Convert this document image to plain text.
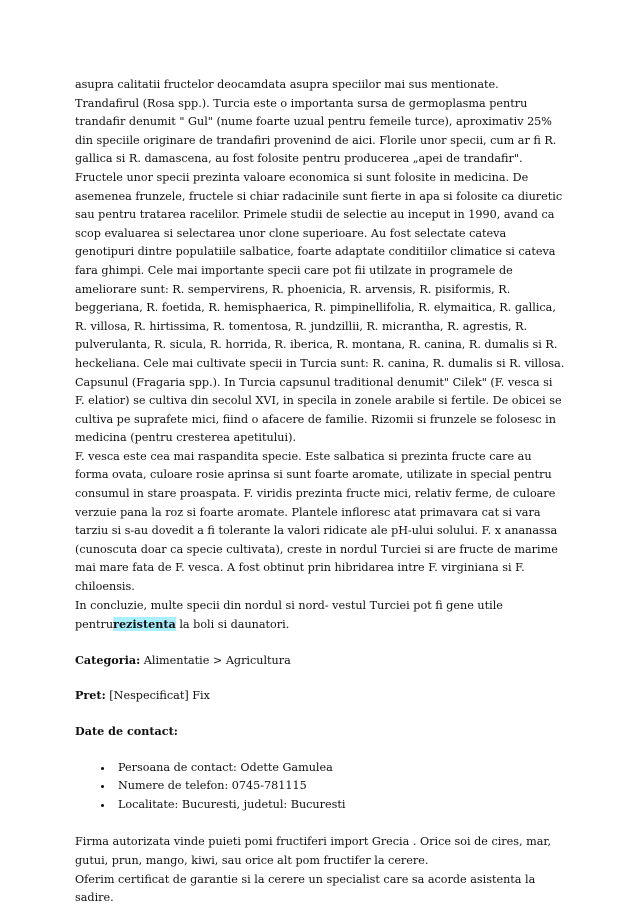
asupra calitatii fructelor deocamdata asupra speciilor mai sus mentionate.

Trandafirul (Rosa spp.). Turcia este o importanta sursa de germoplasma pentru trandafir denumit " Gul" (nume foarte uzual pentru femeile turce), aproximativ 25% din speciile originare de trandafiri provenind de aici. Florile unor specii, cum ar fi R. gallica si R. damascena, au fost folosite pentru producerea „apei de trandafir". Fructele unor specii prezinta valoare economica si sunt folosite in medicina. De asemenea frunzele, fructele si chiar radacinile sunt fierte in apa si folosite ca diuretic sau pentru tratarea racelilor. Primele studii de selectie au inceput in 1990, avand ca scop evaluarea si selectarea unor clone superioare. Au fost selectate cateva genotipuri dintre populatiile salbatice, foarte adaptate conditiilor climatice si cateva fara ghimpi. Cele mai importante specii care pot fii utilzate in programele de ameliorare sunt: R. sempervirens, R. phoenicia, R. arvensis, R. pisiformis, R. beggeriana, R. foetida, R. hemisphaerica, R. pimpinellifolia, R. elymaitica, R. gallica, R. villosa, R. hirtissima, R. tomentosa, R. jundzillii, R. micrantha, R. agrestis, R. pulverulanta, R. sicula, R. horrida, R. iberica, R. montana, R. canina, R. dumalis si R. heckeliana. Cele mai cultivate specii in Turcia sunt: R. canina, R. dumalis si R. villosa.

Capsunul (Fragaria spp.). In Turcia capsunul traditional denumit" Cilek" (F. vesca si F. elatior) se cultiva din secolul XVI, in specila in zonele arabile si fertile. De obicei se cultiva pe suprafete mici, fiind o afacere de familie. Rizomii si frunzele se folosesc in medicina (pentru cresterea apetitului).

F. vesca este cea mai raspandita specie. Este salbatica si prezinta fructe care au forma ovata, culoare rosie aprinsa si sunt foarte aromate, utilizate in special pentru consumul in stare proaspata. F. viridis prezinta fructe mici, relativ ferme, de culoare verzuie pana la roz si foarte aromate. Plantele infloresc atat primavara cat si vara tarziu si s-au dovedit a fi tolerante la valori ridicate ale pH-ului solului. F. x ananassa (cunoscuta doar ca specie cultivata), creste in nordul Turciei si are fructe de marime mai mare fata de F. vesca. A fost obtinut prin hibridarea intre F. virginiana si F. chiloensis.

In concluzie, multe specii din nordul si nord- vestul Turciei pot fi gene utile pentrurezistenta la boli si daunatori.

Categoria: Alimentatie > Agricultura
Pret: [Nespecificat] Fix
Date de contact:
• Persoana de contact: Odette Gamulea
• Numere de telefon: 0745-781115
• Localitate: Bucuresti, judetul: Bucuresti

Firma autorizata vinde puieti pomi fructiferi import Grecia . Orice soi de cires, mar, gutui, prun, mango, kiwi, sau orice alt pom fructifer la cerere.

Oferim certificat de garantie si la cerere un specialist care sa acorde asistenta la sadire.
